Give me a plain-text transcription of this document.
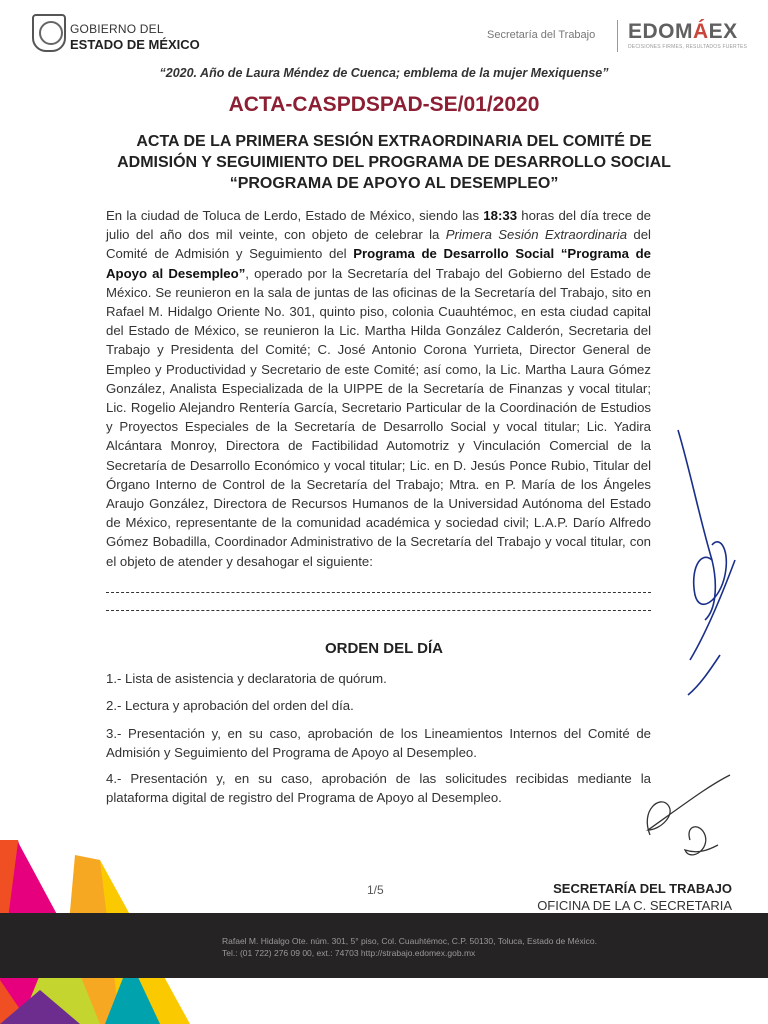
GOBIERNO DEL
ESTADO DE MÉXICO
Secretaría del Trabajo EDOMÁEX
DECISIONES FIRMES, RESULTADOS FUERTES
“2020. Año de Laura Méndez de Cuenca; emblema de la mujer Mexiquense”
ACTA-CASPDSPAD-SE/01/2020
ACTA DE LA PRIMERA SESIÓN EXTRAORDINARIA DEL COMITÉ DE ADMISIÓN Y SEGUIMIENTO DEL PROGRAMA DE DESARROLLO SOCIAL “PROGRAMA DE APOYO AL DESEMPLEO”
En la ciudad de Toluca de Lerdo, Estado de México, siendo las 18:33 horas del día trece de julio del año dos mil veinte, con objeto de celebrar la Primera Sesión Extraordinaria del Comité de Admisión y Seguimiento del Programa de Desarrollo Social “Programa de Apoyo al Desempleo”, operado por la Secretaría del Trabajo del Gobierno del Estado de México. Se reunieron en la sala de juntas de las oficinas de la Secretaría del Trabajo, sito en Rafael M. Hidalgo Oriente No. 301, quinto piso, colonia Cuauhtémoc, en esta ciudad capital del Estado de México, se reunieron la Lic. Martha Hilda González Calderón, Secretaria del Trabajo y Presidenta del Comité; C. José Antonio Corona Yurrieta, Director General de Empleo y Productividad y Secretario de este Comité; así como, la Lic. Martha Laura Gómez González, Analista Especializada de la UIPPE de la Secretaría de Finanzas y vocal titular; Lic. Rogelio Alejandro Rentería García, Secretario Particular de la Coordinación de Estudios y Proyectos Especiales de la Secretaría de Desarrollo Social y vocal titular; Lic. Yadira Alcántara Monroy, Directora de Factibilidad Automotriz y Vinculación Comercial de la Secretaría de Desarrollo Económico y vocal titular; Lic. en D. Jesús Ponce Rubio, Titular del Órgano Interno de Control de la Secretaría del Trabajo; Mtra. en P. María de los Ángeles Araujo González, Directora de Recursos Humanos de la Universidad Autónoma del Estado de México, representante de la comunidad académica y sociedad civil; L.A.P. Darío Alfredo Gómez Bobadilla, Coordinador Administrativo de la Secretaría del Trabajo y vocal titular, con el objeto de atender y desahogar el siguiente:
ORDEN DEL DÍA
1.- Lista de asistencia y declaratoria de quórum.
2.- Lectura y aprobación del orden del día.
3.- Presentación y, en su caso, aprobación de los Lineamientos Internos del Comité de Admisión y Seguimiento del Programa de Apoyo al Desempleo.
4.- Presentación y, en su caso, aprobación de las solicitudes recibidas mediante la plataforma digital de registro del Programa de Apoyo al Desempleo.
1/5	SECRETARÍA DEL TRABAJO
OFICINA DE LA C. SECRETARIA
Rafael M. Hidalgo Ote. núm. 301, 5° piso, Col. Cuauhtémoc, C.P. 50130, Toluca, Estado de México.
Tel.: (01 722) 276 09 00, ext.: 74703 http://strabajo.edomex.gob.mx
